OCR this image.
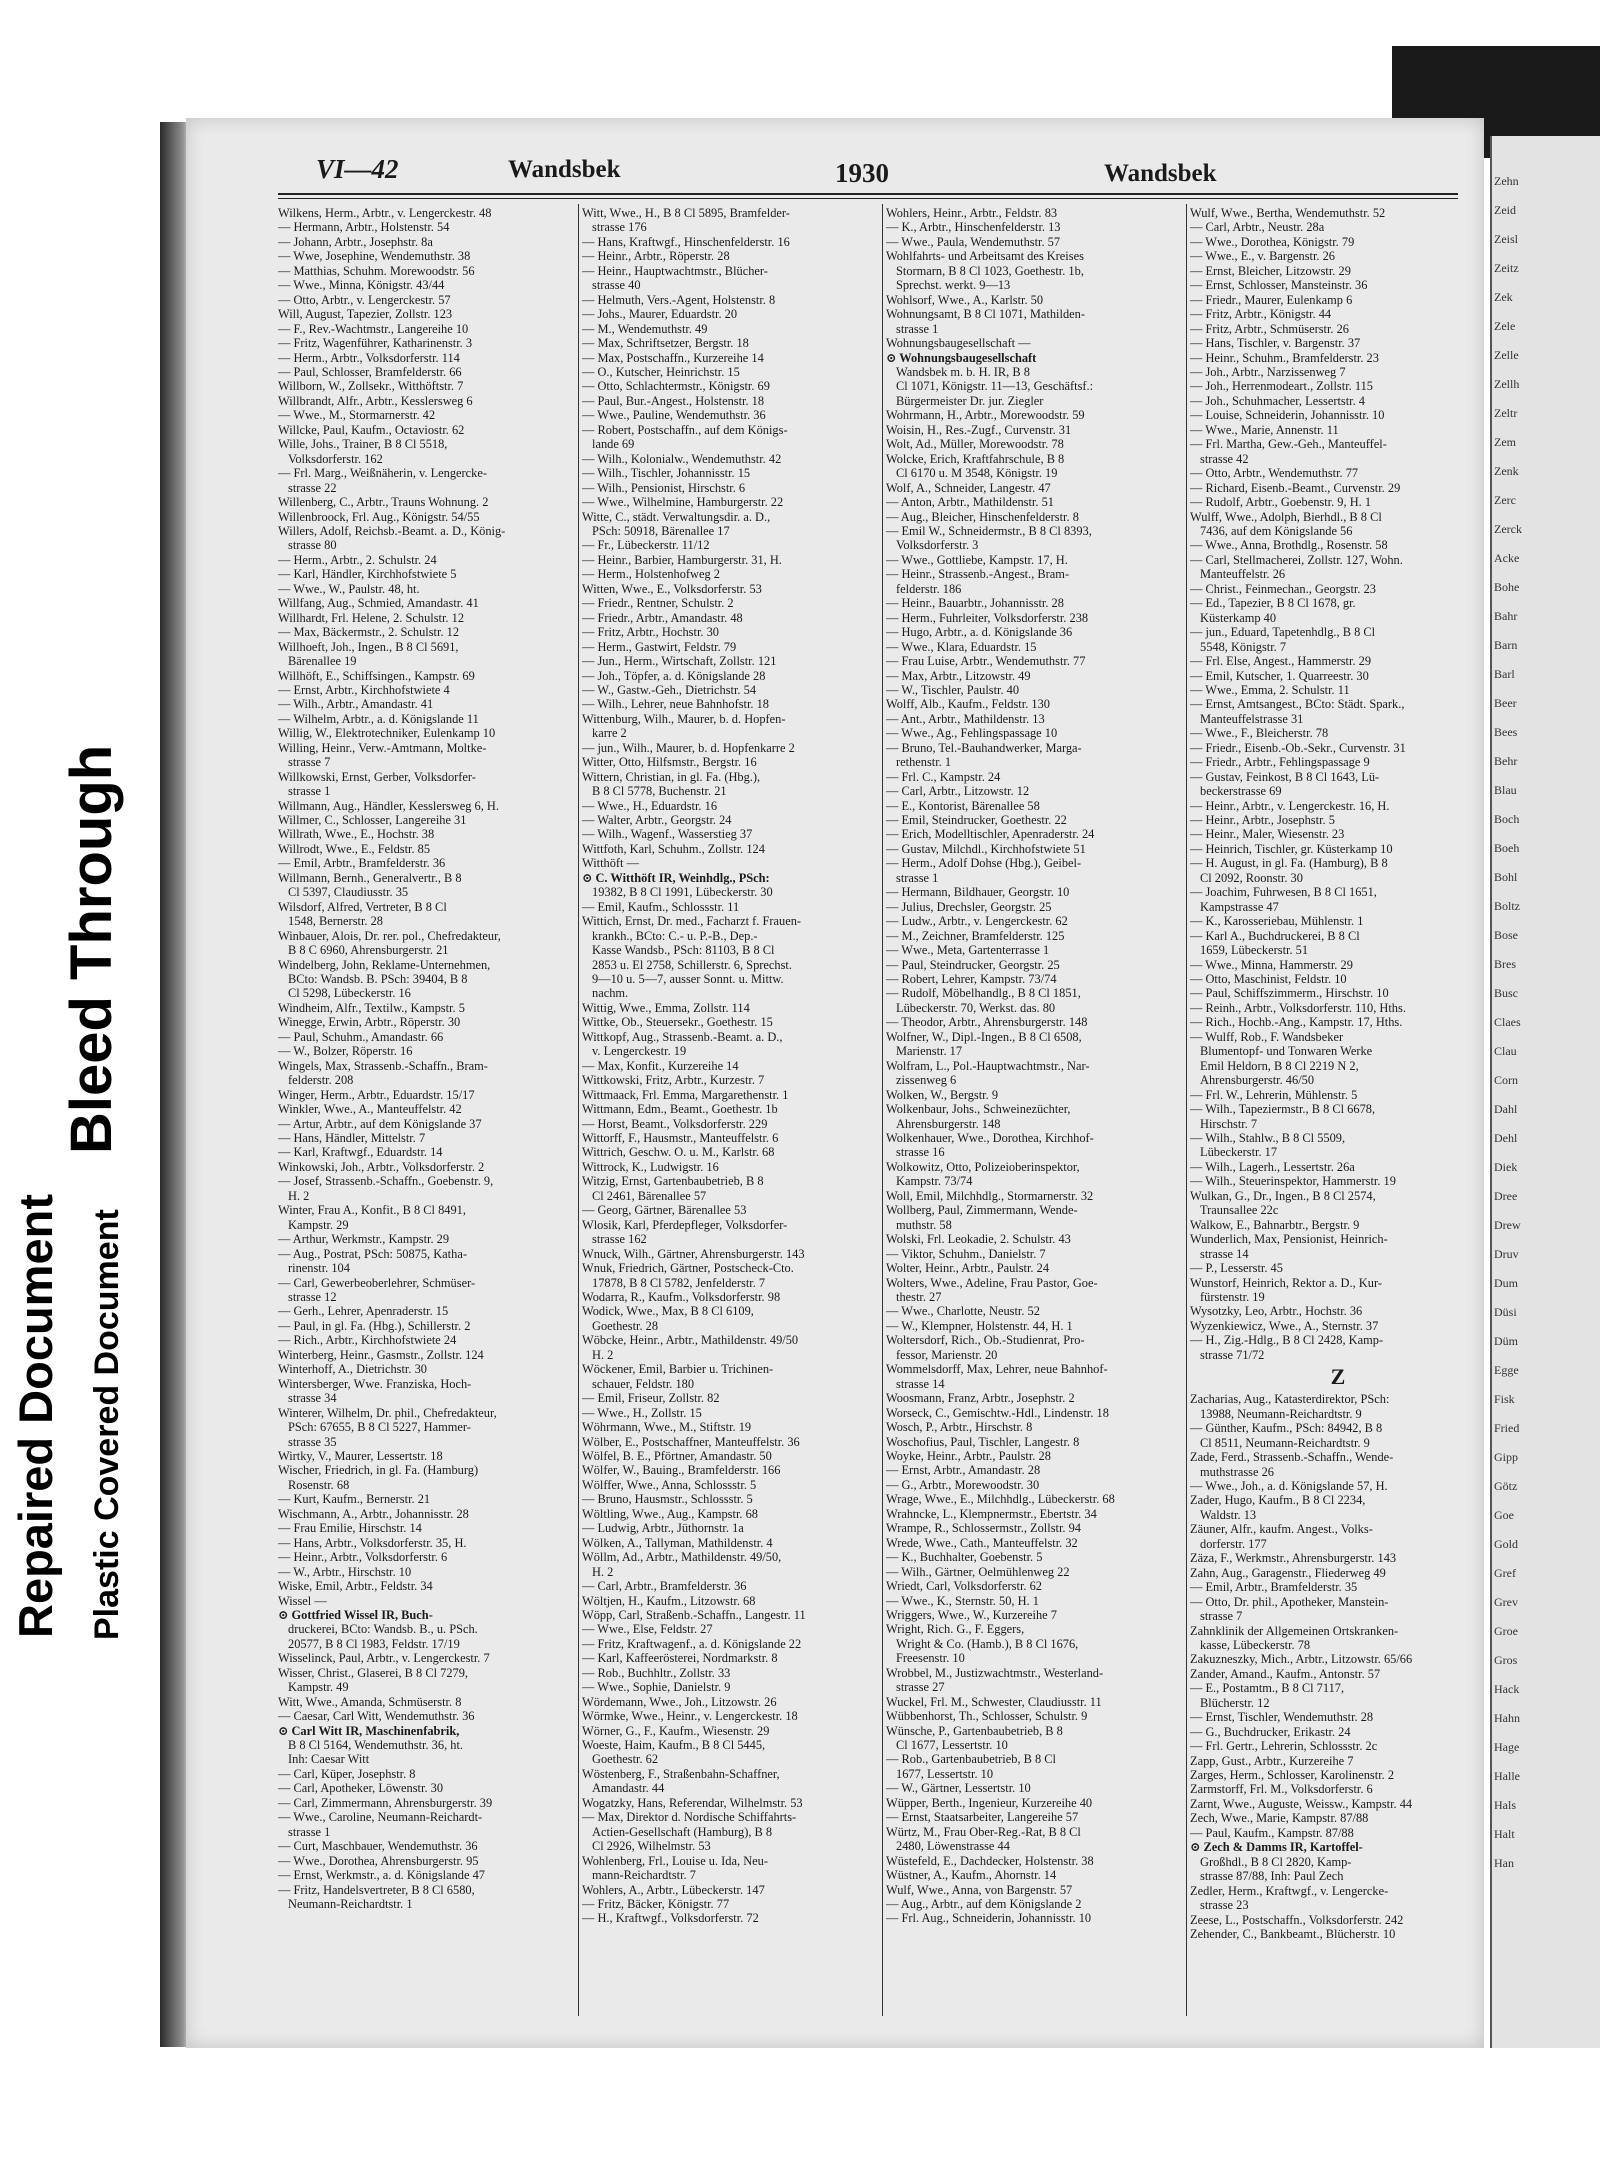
Bleed Through
Repaired Document Plastic Covered Document
VI—42	Wandsbek	1930	Wandsbek
Wilkens, Herm., Arbtr., v. Lengerckestr. 48
— Hermann, Arbtr., Holstenstr. 54
— Johann, Arbtr., Josephstr. 8a
— Wwe, Josephine, Wendemuthstr. 38
— Matthias, Schuhm. Morewoodstr. 56
— Wwe., Minna, Königstr. 43/44
— Otto, Arbtr., v. Lengerckestr. 57
Will, August, Tapezier, Zollstr. 123
— F., Rev.-Wachtmstr., Langereihe 10
— Fritz, Wagenführer, Katharinenstr. 3
— Herm., Arbtr., Volksdorferstr. 114
— Paul, Schlosser, Bramfelderstr. 66
Willborn, W., Zollsekr., Witthöftstr. 7
Willbrandt, Alfr., Arbtr., Kesslersweg 6
— Wwe., M., Stormarnerstr. 42
Willcke, Paul, Kaufm., Octaviostr. 62
Wille, Johs., Trainer, B 8 Cl 5518,
Volksdorferstr. 162
— Frl. Marg., Weißnäherin, v. Lengercke-
strasse 22
Willenberg, C., Arbtr., Trauns Wohnung. 2
Willenbroock, Frl. Aug., Königstr. 54/55
Willers, Adolf, Reichsb.-Beamt. a. D., König-
strasse 80
— Herm., Arbtr., 2. Schulstr. 24
— Karl, Händler, Kirchhofstwiete 5
— Wwe., W., Paulstr. 48, ht.
Willfang, Aug., Schmied, Amandastr. 41
Willhardt, Frl. Helene, 2. Schulstr. 12
— Max, Bäckermstr., 2. Schulstr. 12
Willhoeft, Joh., Ingen., B 8 Cl 5691,
Bärenallee 19
Willhöft, E., Schiffsingen., Kampstr. 69
— Ernst, Arbtr., Kirchhofstwiete 4
— Wilh., Arbtr., Amandastr. 41
— Wilhelm, Arbtr., a. d. Königslande 11
Willig, W., Elektrotechniker, Eulenkamp 10
Willing, Heinr., Verw.-Amtmann, Moltke-
strasse 7
Willkowski, Ernst, Gerber, Volksdorfer-
strasse 1
Willmann, Aug., Händler, Kesslersweg 6, H.
Willmer, C., Schlosser, Langereihe 31
Willrath, Wwe., E., Hochstr. 38
Willrodt, Wwe., E., Feldstr. 85
— Emil, Arbtr., Bramfelderstr. 36
Willmann, Bernh., Generalvertr., B 8
Cl 5397, Claudiusstr. 35
Wilsdorf, Alfred, Vertreter, B 8 Cl
1548, Bernerstr. 28
Winbauer, Alois, Dr. rer. pol., Chefredakteur,
B 8 C 6960, Ahrensburgerstr. 21
Windelberg, John, Reklame-Unternehmen,
BCto: Wandsb. B. PSch: 39404, B 8
Cl 5298, Lübeckerstr. 16
Windheim, Alfr., Textilw., Kampstr. 5
Winegge, Erwin, Arbtr., Röperstr. 30
— Paul, Schuhm., Amandastr. 66
— W., Bolzer, Röperstr. 16
Wingels, Max, Strassenb.-Schaffn., Bram-
felderstr. 208
Winger, Herm., Arbtr., Eduardstr. 15/17
Winkler, Wwe., A., Manteuffelstr. 42
— Artur, Arbtr., auf dem Königslande 37
— Hans, Händler, Mittelstr. 7
— Karl, Kraftwgf., Eduardstr. 14
Winkowski, Joh., Arbtr., Volksdorferstr. 2
— Josef, Strassenb.-Schaffn., Goebenstr. 9,
H. 2
Winter, Frau A., Konfit., B 8 Cl 8491,
Kampstr. 29
— Arthur, Werkmstr., Kampstr. 29
— Aug., Postrat, PSch: 50875, Katha-
rinenstr. 104
— Carl, Gewerbeoberlehrer, Schmüser-
strasse 12
— Gerh., Lehrer, Apenraderstr. 15
— Paul, in gl. Fa. (Hbg.), Schillerstr. 2
— Rich., Arbtr., Kirchhofstwiete 24
Winterberg, Heinr., Gasmstr., Zollstr. 124
Winterhoff, A., Dietrichstr. 30
Wintersberger, Wwe. Franziska, Hoch-
strasse 34
Winterer, Wilhelm, Dr. phil., Chefredakteur,
PSch: 67655, B 8 Cl 5227, Hammer-
strasse 35
Wirtky, V., Maurer, Lessertstr. 18
Wischer, Friedrich, in gl. Fa. (Hamburg)
Rosenstr. 68
— Kurt, Kaufm., Bernerstr. 21
Wischmann, A., Arbtr., Johannisstr. 28
— Frau Emilie, Hirschstr. 14
— Hans, Arbtr., Volksdorferstr. 35, H.
— Heinr., Arbtr., Volksdorferstr. 6
— W., Arbtr., Hirschstr. 10
Wiske, Emil, Arbtr., Feldstr. 34
Wissel —
⊙ Gottfried Wissel IR, Buch-
druckerei, BCto: Wandsb. B., u. PSch.
20577, B 8 Cl 1983, Feldstr. 17/19
Wisselinck, Paul, Arbtr., v. Lengerckestr. 7
Wisser, Christ., Glaserei, B 8 Cl 7279,
Kampstr. 49
Witt, Wwe., Amanda, Schmüserstr. 8
— Caesar, Carl Witt, Wendemuthstr. 36
⊙ Carl Witt IR, Maschinenfabrik,
B 8 Cl 5164, Wendemuthstr. 36, ht.
Inh: Caesar Witt
— Carl, Küper, Josephstr. 8
— Carl, Apotheker, Löwenstr. 30
— Carl, Zimmermann, Ahrensburgerstr. 39
— Wwe., Caroline, Neumann-Reichardt-
strasse 1
— Curt, Maschbauer, Wendemuthstr. 36
— Wwe., Dorothea, Ahrensburgerstr. 95
— Ernst, Werkmstr., a. d. Königslande 47
— Fritz, Handelsvertreter, B 8 Cl 6580,
Neumann-Reichardtstr. 1
Witt, Wwe., H., B 8 Cl 5895, Bramfelder-
strasse 176
— Hans, Kraftwgf., Hinschenfelderstr. 16
— Heinr., Arbtr., Röperstr. 28
— Heinr., Hauptwachtmstr., Blücher-
strasse 40
— Helmuth, Vers.-Agent, Holstenstr. 8
— Johs., Maurer, Eduardstr. 20
— M., Wendemuthstr. 49
— Max, Schriftsetzer, Bergstr. 18
— Max, Postschaffn., Kurzereihe 14
— O., Kutscher, Heinrichstr. 15
— Otto, Schlachtermstr., Königstr. 69
— Paul, Bur.-Angest., Holstenstr. 18
— Wwe., Pauline, Wendemuthstr. 36
— Robert, Postschaffn., auf dem Königs-
lande 69
— Wilh., Kolonialw., Wendemuthstr. 42
— Wilh., Tischler, Johannisstr. 15
— Wilh., Pensionist, Hirschstr. 6
— Wwe., Wilhelmine, Hamburgerstr. 22
Witte, C., städt. Verwaltungsdir. a. D.,
PSch: 50918, Bärenallee 17
— Fr., Lübeckerstr. 11/12
— Heinr., Barbier, Hamburgerstr. 31, H.
— Herm., Holstenhofweg 2
Witten, Wwe., E., Volksdorferstr. 53
— Friedr., Rentner, Schulstr. 2
— Friedr., Arbtr., Amandastr. 48
— Fritz, Arbtr., Hochstr. 30
— Herm., Gastwirt, Feldstr. 79
— Jun., Herm., Wirtschaft, Zollstr. 121
— Joh., Töpfer, a. d. Königslande 28
— W., Gastw.-Geh., Dietrichstr. 54
— Wilh., Lehrer, neue Bahnhofstr. 18
Wittenburg, Wilh., Maurer, b. d. Hopfen-
karre 2
— jun., Wilh., Maurer, b. d. Hopfenkarre 2
Witter, Otto, Hilfsmstr., Bergstr. 16
Wittern, Christian, in gl. Fa. (Hbg.),
B 8 Cl 5778, Buchenstr. 21
— Wwe., H., Eduardstr. 16
— Walter, Arbtr., Georgstr. 24
— Wilh., Wagenf., Wasserstieg 37
Wittfoth, Karl, Schuhm., Zollstr. 124
Witthöft —
⊙ C. Witthöft IR, Weinhdlg., PSch:
19382, B 8 Cl 1991, Lübeckerstr. 30
— Emil, Kaufm., Schlossstr. 11
Wittich, Ernst, Dr. med., Facharzt f. Frauen-
krankh., BCto: C.- u. P.-B., Dep.-
Kasse Wandsb., PSch: 81103, B 8 Cl
2853 u. El 2758, Schillerstr. 6, Sprechst.
9—10 u. 5—7, ausser Sonnt. u. Mittw.
nachm.
Wittig, Wwe., Emma, Zollstr. 114
Wittke, Ob., Steuersekr., Goethestr. 15
Wittkopf, Aug., Strassenb.-Beamt. a. D.,
v. Lengerckestr. 19
— Max, Konfit., Kurzereihe 14
Wittkowski, Fritz, Arbtr., Kurzestr. 7
Wittmaack, Frl. Emma, Margarethenstr. 1
Wittmann, Edm., Beamt., Goethestr. 1b
— Horst, Beamt., Volksdorferstr. 229
Wittorff, F., Hausmstr., Manteuffelstr. 6
Wittrich, Geschw. O. u. M., Karlstr. 68
Wittrock, K., Ludwigstr. 16
Witzig, Ernst, Gartenbaubetrieb, B 8
Cl 2461, Bärenallee 57
— Georg, Gärtner, Bärenallee 53
Wlosik, Karl, Pferdepfleger, Volksdorfer-
strasse 162
Wnuck, Wilh., Gärtner, Ahrensburgerstr. 143
Wnuk, Friedrich, Gärtner, Postscheck-Cto.
17878, B 8 Cl 5782, Jenfelderstr. 7
Wodarra, R., Kaufm., Volksdorferstr. 98
Wodick, Wwe., Max, B 8 Cl 6109,
Goethestr. 28
Wöbcke, Heinr., Arbtr., Mathildenstr. 49/50
H. 2
Wöckener, Emil, Barbier u. Trichinen-
schauer, Feldstr. 180
— Emil, Friseur, Zollstr. 82
— Wwe., H., Zollstr. 15
Wöhrmann, Wwe., M., Stiftstr. 19
Wölber, E., Postschaffner, Manteuffelstr. 36
Wölfel, B. E., Pförtner, Amandastr. 50
Wölfer, W., Bauing., Bramfelderstr. 166
Wölffer, Wwe., Anna, Schlossstr. 5
— Bruno, Hausmstr., Schlossstr. 5
Wöltling, Wwe., Aug., Kampstr. 68
— Ludwig, Arbtr., Jüthornstr. 1a
Wölken, A., Tallyman, Mathildenstr. 4
Wöllm, Ad., Arbtr., Mathildenstr. 49/50,
H. 2
— Carl, Arbtr., Bramfelderstr. 36
Wöltjen, H., Kaufm., Litzowstr. 68
Wöpp, Carl, Straßenb.-Schaffn., Langestr. 11
— Wwe., Else, Feldstr. 27
— Fritz, Kraftwagenf., a. d. Königslande 22
— Karl, Kaffeerösterei, Nordmarkstr. 8
— Rob., Buchhltr., Zollstr. 33
— Wwe., Sophie, Danielstr. 9
Wördemann, Wwe., Joh., Litzowstr. 26
Wörmke, Wwe., Heinr., v. Lengerckestr. 18
Wörner, G., F., Kaufm., Wiesenstr. 29
Woeste, Haim, Kaufm., B 8 Cl 5445,
Goethestr. 62
Wöstenberg, F., Straßenbahn-Schaffner,
Amandastr. 44
Wogatzky, Hans, Referendar, Wilhelmstr. 53
— Max, Direktor d. Nordische Schiffahrts-
Actien-Gesellschaft (Hamburg), B 8
Cl 2926, Wilhelmstr. 53
Wohlenberg, Frl., Louise u. Ida, Neu-
mann-Reichardtstr. 7
Wohlers, A., Arbtr., Lübeckerstr. 147
— Fritz, Bäcker, Königstr. 77
— H., Kraftwgf., Volksdorferstr. 72
Wohlers, Heinr., Arbtr., Feldstr. 83
— K., Arbtr., Hinschenfelderstr. 13
— Wwe., Paula, Wendemuthstr. 57
Wohlfahrts- und Arbeitsamt des Kreises
Stormarn, B 8 Cl 1023, Goethestr. 1b,
Sprechst. werkt. 9—13
Wohlsorf, Wwe., A., Karlstr. 50
Wohnungsamt, B 8 Cl 1071, Mathilden-
strasse 1
Wohnungsbaugesellschaft —
⊙ Wohnungsbaugesellschaft
Wandsbek m. b. H. IR, B 8
Cl 1071, Königstr. 11—13, Geschäftsf.:
Bürgermeister Dr. jur. Ziegler
Wohrmann, H., Arbtr., Morewoodstr. 59
Woisin, H., Res.-Zugf., Curvenstr. 31
Wolt, Ad., Müller, Morewoodstr. 78
Wolcke, Erich, Kraftfahrschule, B 8
Cl 6170 u. M 3548, Königstr. 19
Wolf, A., Schneider, Langestr. 47
— Anton, Arbtr., Mathildenstr. 51
— Aug., Bleicher, Hinschenfelderstr. 8
— Emil W., Schneidermstr., B 8 Cl 8393,
Volksdorferstr. 3
— Wwe., Gottliebe, Kampstr. 17, H.
— Heinr., Strassenb.-Angest., Bram-
felderstr. 186
— Heinr., Bauarbtr., Johannisstr. 28
— Herm., Fuhrleiter, Volksdorferstr. 238
— Hugo, Arbtr., a. d. Königslande 36
— Wwe., Klara, Eduardstr. 15
— Frau Luise, Arbtr., Wendemuthstr. 77
— Max, Arbtr., Litzowstr. 49
— W., Tischler, Paulstr. 40
Wolff, Alb., Kaufm., Feldstr. 130
— Ant., Arbtr., Mathildenstr. 13
— Wwe., Ag., Fehlingspassage 10
— Bruno, Tel.-Bauhandwerker, Marga-
rethenstr. 1
— Frl. C., Kampstr. 24
— Carl, Arbtr., Litzowstr. 12
— E., Kontorist, Bärenallee 58
— Emil, Steindrucker, Goethestr. 22
— Erich, Modelltischler, Apenraderstr. 24
— Gustav, Milchdl., Kirchhofstwiete 51
— Herm., Adolf Dohse (Hbg.), Geibel-
strasse 1
— Hermann, Bildhauer, Georgstr. 10
— Julius, Drechsler, Georgstr. 25
— Ludw., Arbtr., v. Lengerckestr. 62
— M., Zeichner, Bramfelderstr. 125
— Wwe., Meta, Gartenterrasse 1
— Paul, Steindrucker, Georgstr. 25
— Robert, Lehrer, Kampstr. 73/74
— Rudolf, Möbelhandlg., B 8 Cl 1851,
Lübeckerstr. 70, Werkst. das. 80
— Theodor, Arbtr., Ahrensburgerstr. 148
Wolfner, W., Dipl.-Ingen., B 8 Cl 6508,
Marienstr. 17
Wolfram, L., Pol.-Hauptwachtmstr., Nar-
zissenweg 6
Wolken, W., Bergstr. 9
Wolkenbaur, Johs., Schweinezüchter,
Ahrensburgerstr. 148
Wolkenhauer, Wwe., Dorothea, Kirchhof-
strasse 16
Wolkowitz, Otto, Polizeioberinspektor,
Kampstr. 73/74
Woll, Emil, Milchhdlg., Stormarnerstr. 32
Wollberg, Paul, Zimmermann, Wende-
muthstr. 58
Wolski, Frl. Leokadie, 2. Schulstr. 43
— Viktor, Schuhm., Danielstr. 7
Wolter, Heinr., Arbtr., Paulstr. 24
Wolters, Wwe., Adeline, Frau Pastor, Goe-
thestr. 27
— Wwe., Charlotte, Neustr. 52
— W., Klempner, Holstenstr. 44, H. 1
Woltersdorf, Rich., Ob.-Studienrat, Pro-
fessor, Marienstr. 20
Wommelsdorff, Max, Lehrer, neue Bahnhof-
strasse 14
Woosmann, Franz, Arbtr., Josephstr. 2
Worseck, C., Gemischtw.-Hdl., Lindenstr. 18
Wosch, P., Arbtr., Hirschstr. 8
Woschofius, Paul, Tischler, Langestr. 8
Woyke, Heinr., Arbtr., Paulstr. 28
— Ernst, Arbtr., Amandastr. 28
— G., Arbtr., Morewoodstr. 30
Wrage, Wwe., E., Milchhdlg., Lübeckerstr. 68
Wrahncke, L., Klempnermstr., Ebertstr. 34
Wrampe, R., Schlossermstr., Zollstr. 94
Wrede, Wwe., Cath., Manteuffelstr. 32
— K., Buchhalter, Goebenstr. 5
— Wilh., Gärtner, Oelmühlenweg 22
Wriedt, Carl, Volksdorferstr. 62
— Wwe., K., Sternstr. 50, H. 1
Wriggers, Wwe., W., Kurzereihe 7
Wright, Rich. G., F. Eggers,
Wright & Co. (Hamb.), B 8 Cl 1676,
Freesenstr. 10
Wrobbel, M., Justizwachtmstr., Westerland-
strasse 27
Wuckel, Frl. M., Schwester, Claudiusstr. 11
Wübbenhorst, Th., Schlosser, Schulstr. 9
Wünsche, P., Gartenbaubetrieb, B 8
Cl 1677, Lessertstr. 10
— Rob., Gartenbaubetrieb, B 8 Cl
1677, Lessertstr. 10
— W., Gärtner, Lessertstr. 10
Wüpper, Berth., Ingenieur, Kurzereihe 40
— Ernst, Staatsarbeiter, Langereihe 57
Würtz, M., Frau Ober-Reg.-Rat, B 8 Cl
2480, Löwenstrasse 44
Wüstefeld, E., Dachdecker, Holstenstr. 38
Wüstner, A., Kaufm., Ahornstr. 14
Wulf, Wwe., Anna, von Bargenstr. 57
— Aug., Arbtr., auf dem Königslande 2
— Frl. Aug., Schneiderin, Johannisstr. 10
Wulf, Wwe., Bertha, Wendemuthstr. 52
— Carl, Arbtr., Neustr. 28a
— Wwe., Dorothea, Königstr. 79
— Wwe., E., v. Bargenstr. 26
— Ernst, Bleicher, Litzowstr. 29
— Ernst, Schlosser, Mansteinstr. 36
— Friedr., Maurer, Eulenkamp 6
— Fritz, Arbtr., Königstr. 44
— Fritz, Arbtr., Schmüserstr. 26
— Hans, Tischler, v. Bargenstr. 37
— Heinr., Schuhm., Bramfelderstr. 23
— Joh., Arbtr., Narzissenweg 7
— Joh., Herrenmodeart., Zollstr. 115
— Joh., Schuhmacher, Lessertstr. 4
— Louise, Schneiderin, Johannisstr. 10
— Wwe., Marie, Annenstr. 11
— Frl. Martha, Gew.-Geh., Manteuffel-
strasse 42
— Otto, Arbtr., Wendemuthstr. 77
— Richard, Eisenb.-Beamt., Curvenstr. 29
— Rudolf, Arbtr., Goebenstr. 9, H. 1
Wulff, Wwe., Adolph, Bierhdl., B 8 Cl
7436, auf dem Königslande 56
— Wwe., Anna, Brothdlg., Rosenstr. 58
— Carl, Stellmacherei, Zollstr. 127, Wohn.
Manteuffelstr. 26
— Christ., Feinmechan., Georgstr. 23
— Ed., Tapezier, B 8 Cl 1678, gr.
Küsterkamp 40
— jun., Eduard, Tapetenhdlg., B 8 Cl
5548, Königstr. 7
— Frl. Else, Angest., Hammerstr. 29
— Emil, Kutscher, 1. Quarreestr. 30
— Wwe., Emma, 2. Schulstr. 11
— Ernst, Amtsangest., BCto: Städt. Spark.,
Manteuffelstrasse 31
— Wwe., F., Bleicherstr. 78
— Friedr., Eisenb.-Ob.-Sekr., Curvenstr. 31
— Friedr., Arbtr., Fehlingspassage 9
— Gustav, Feinkost, B 8 Cl 1643, Lü-
beckerstrasse 69
— Heinr., Arbtr., v. Lengerckestr. 16, H.
— Heinr., Arbtr., Josephstr. 5
— Heinr., Maler, Wiesenstr. 23
— Heinrich, Tischler, gr. Küsterkamp 10
— H. August, in gl. Fa. (Hamburg), B 8
Cl 2092, Roonstr. 30
— Joachim, Fuhrwesen, B 8 Cl 1651,
Kampstrasse 47
— K., Karosseriebau, Mühlenstr. 1
— Karl A., Buchdruckerei, B 8 Cl
1659, Lübeckerstr. 51
— Wwe., Minna, Hammerstr. 29
— Otto, Maschinist, Feldstr. 10
— Paul, Schiffszimmerm., Hirschstr. 10
— Reinh., Arbtr., Volksdorferstr. 110, Hths.
— Rich., Hochb.-Ang., Kampstr. 17, Hths.
— Wulff, Rob., F. Wandsbeker
Blumentopf- und Tonwaren Werke
Emil Heldorn, B 8 Cl 2219 N 2,
Ahrensburgerstr. 46/50
— Frl. W., Lehrerin, Mühlenstr. 5
— Wilh., Tapeziermstr., B 8 Cl 6678,
Hirschstr. 7
— Wilh., Stahlw., B 8 Cl 5509,
Lübeckerstr. 17
— Wilh., Lagerh., Lessertstr. 26a
— Wilh., Steuerinspektor, Hammerstr. 19
Wulkan, G., Dr., Ingen., B 8 Cl 2574,
Traunsallee 22c
Walkow, E., Bahnarbtr., Bergstr. 9
Wunderlich, Max, Pensionist, Heinrich-
strasse 14
— P., Lesserstr. 45
Wunstorf, Heinrich, Rektor a. D., Kur-
fürstenstr. 19
Wysotzky, Leo, Arbtr., Hochstr. 36
Wyzenkiewicz, Wwe., A., Sternstr. 37
— H., Zig.-Hdlg., B 8 Cl 2428, Kamp-
strasse 71/72
Z
Zacharias, Aug., Katasterdirektor, PSch:
13988, Neumann-Reichardtstr. 9
— Günther, Kaufm., PSch: 84942, B 8
Cl 8511, Neumann-Reichardtstr. 9
Zade, Ferd., Strassenb.-Schaffn., Wende-
muthstrasse 26
— Wwe., Joh., a. d. Königslande 57, H.
Zader, Hugo, Kaufm., B 8 Cl 2234,
Waldstr. 13
Zäuner, Alfr., kaufm. Angest., Volks-
dorferstr. 177
Zäza, F., Werkmstr., Ahrensburgerstr. 143
Zahn, Aug., Garagenstr., Fliederweg 49
— Emil, Arbtr., Bramfelderstr. 35
— Otto, Dr. phil., Apotheker, Manstein-
strasse 7
Zahnklinik der Allgemeinen Ortskranken-
kasse, Lübeckerstr. 78
Zakuzneszky, Mich., Arbtr., Litzowstr. 65/66
Zander, Amand., Kaufm., Antonstr. 57
— E., Postamtm., B 8 Cl 7117,
Blücherstr. 12
— Ernst, Tischler, Wendemuthstr. 28
— G., Buchdrucker, Erikastr. 24
— Frl. Gertr., Lehrerin, Schlossstr. 2c
Zapp, Gust., Arbtr., Kurzereihe 7
Zarges, Herm., Schlosser, Karolinenstr. 2
Zarmstorff, Frl. M., Volksdorferstr. 6
Zarnt, Wwe., Auguste, Weissw., Kampstr. 44
Zech, Wwe., Marie, Kampstr. 87/88
— Paul, Kaufm., Kampstr. 87/88
⊙ Zech & Damms IR, Kartoffel-
Großhdl., B 8 Cl 2820, Kamp-
strasse 87/88, Inh: Paul Zech
Zedler, Herm., Kraftwgf., v. Lengercke-
strasse 23
Zeese, L., Postschaffn., Volksdorferstr. 242
Zehender, C., Bankbeamt., Blücherstr. 10
Zehn
Zeid
Zeisl
Zeitz
Zek
Zele
Zelle
Zellh
Zeltr
Zem
Zenk
Zerc
Zerck
Acke
Bohe
Bahr
Barn
Barl
Beer
Bees
Behr
Blau
Boch
Boeh
Bohl
Boltz
Bose
Bres
Busc
Claes
Clau
Corn
Dahl
Dehl
Diek
Dree
Drew
Druv
Dum
Düsi
Düm
Egge
Fisk
Fried
Gipp
Götz
Goe
Gold
Gref
Grev
Groe
Gros
Hack
Hahn
Hage
Halle
Hals
Halt
Han
